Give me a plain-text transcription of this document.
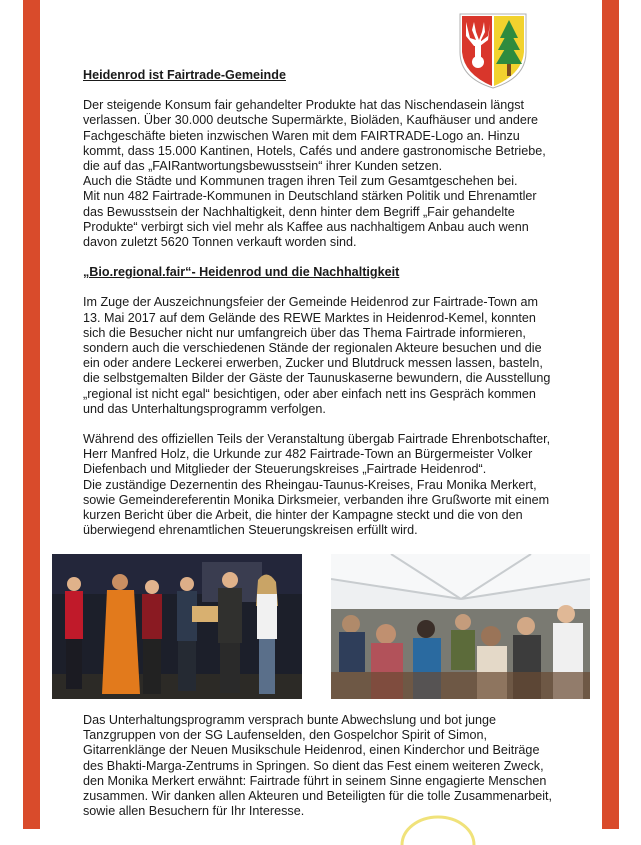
Heidenrod ist Fairtrade-Gemeinde
Der steigende Konsum fair gehandelter Produkte hat das Nischendasein längst
verlassen. Über 30.000 deutsche Supermärkte, Bioläden, Kaufhäuser und andere
Fachgeschäfte bieten inzwischen Waren mit dem FAIRTRADE-Logo an. Hinzu
kommt, dass 15.000 Kantinen, Hotels, Cafés und andere gastronomische Betriebe,
die auf das „FAIRantwortungsbewusstsein“ ihrer Kunden setzen.
Auch die Städte und Kommunen tragen ihren Teil zum Gesamtgeschehen bei.
Mit nun 482 Fairtrade-Kommunen in Deutschland stärken Politik und Ehrenamtler
das Bewusstsein der Nachhaltigkeit, denn hinter dem Begriff „Fair gehandelte
Produkte“ verbirgt sich viel mehr als Kaffee aus nachhaltigem Anbau auch wenn
davon zuletzt 5620 Tonnen verkauft worden sind.
„Bio.regional.fair“- Heidenrod und die Nachhaltigkeit
Im Zuge der Auszeichnungsfeier der Gemeinde Heidenrod zur Fairtrade-Town am
13. Mai 2017 auf dem Gelände des REWE Marktes in Heidenrod-Kemel, konnten
sich die Besucher nicht nur umfangreich über das Thema Fairtrade informieren,
sondern auch die verschiedenen Stände der regionalen Akteure besuchen und die
ein oder andere Leckerei erwerben, Zucker und Blutdruck messen lassen, basteln,
die selbstgemalten Bilder der Gäste der Taunuskaserne bewundern, die Ausstellung
„regional ist nicht egal“ besichtigen, oder aber einfach nett ins Gespräch kommen
und das Unterhaltungsprogramm verfolgen.
Während des offiziellen Teils der Veranstaltung übergab Fairtrade Ehrenbotschafter,
Herr Manfred Holz, die Urkunde zur 482 Fairtrade-Town an Bürgermeister Volker
Diefenbach und Mitglieder der Steuerungskreises „Fairtrade Heidenrod“.
Die zuständige Dezernentin des Rheingau-Taunus-Kreises, Frau Monika Merkert,
sowie Gemeindereferentin Monika Dirksmeier, verbanden ihre Grußworte mit einem
kurzen Bericht über die Arbeit, die hinter der Kampagne steckt und die von den
überwiegend ehrenamtlichen Steuerungskreisen erfüllt wird.
Das Unterhaltungsprogramm versprach bunte Abwechslung und bot junge
Tanzgruppen von der SG Laufenselden, den Gospelchor Spirit of Simon,
Gitarrenklänge der Neuen Musikschule Heidenrod, einen Kinderchor und Beiträge
des Bhakti-Marga-Zentrums in Springen. So dient das Fest einem weiteren Zweck,
den Monika Merkert erwähnt: Fairtrade führt in seinem Sinne engagierte Menschen
zusammen. Wir danken allen Akteuren und Beteiligten für die tolle Zusammenarbeit,
sowie allen Besuchern für Ihr Interesse.
